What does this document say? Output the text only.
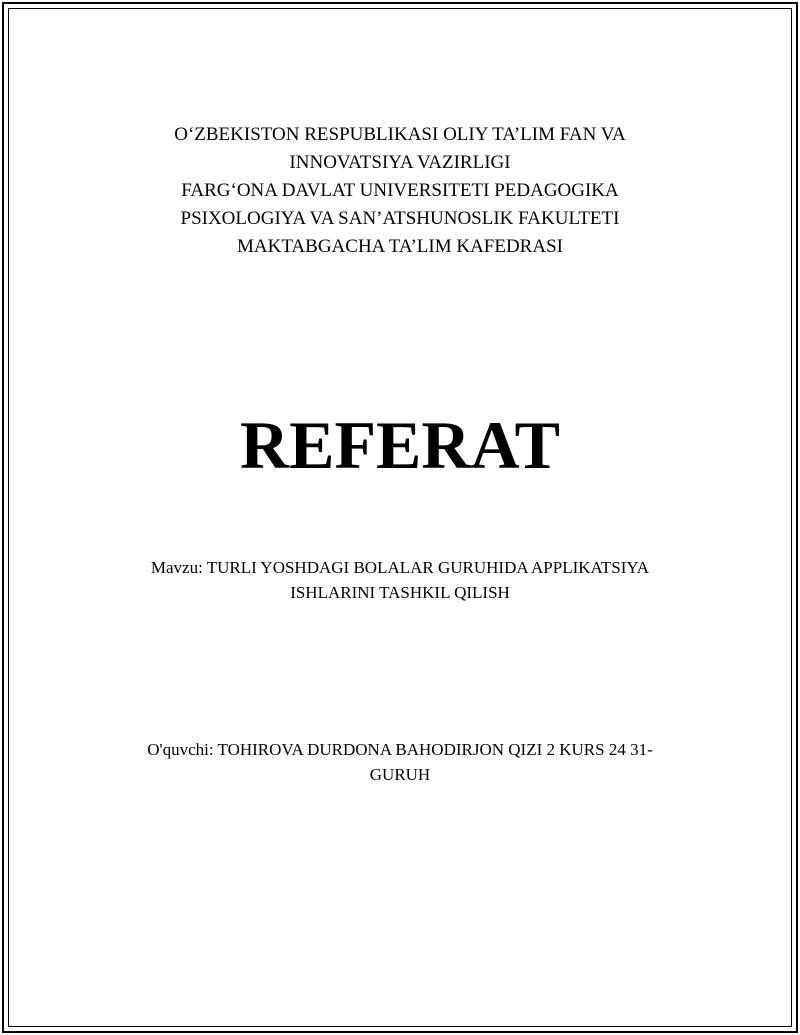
O‘ZBEKISTON RESPUBLIKASI OLIY TA’LIM FAN VA
INNOVATSIYA VAZIRLIGI
FARG‘ONA DAVLAT UNIVERSITETI PEDAGOGIKA
PSIXOLOGIYA VA SAN’ATSHUNOSLIK FAKULTETI
MAKTABGACHA TA’LIM KAFEDRASI
REFERAT
Mavzu: TURLI YOSHDAGI BOLALAR GURUHIDA APPLIKATSIYA
ISHLARINI TASHKIL QILISH
O'quvchi: TOHIROVA DURDONA BAHODIRJON QIZI 2 KURS 24 31-
GURUH
